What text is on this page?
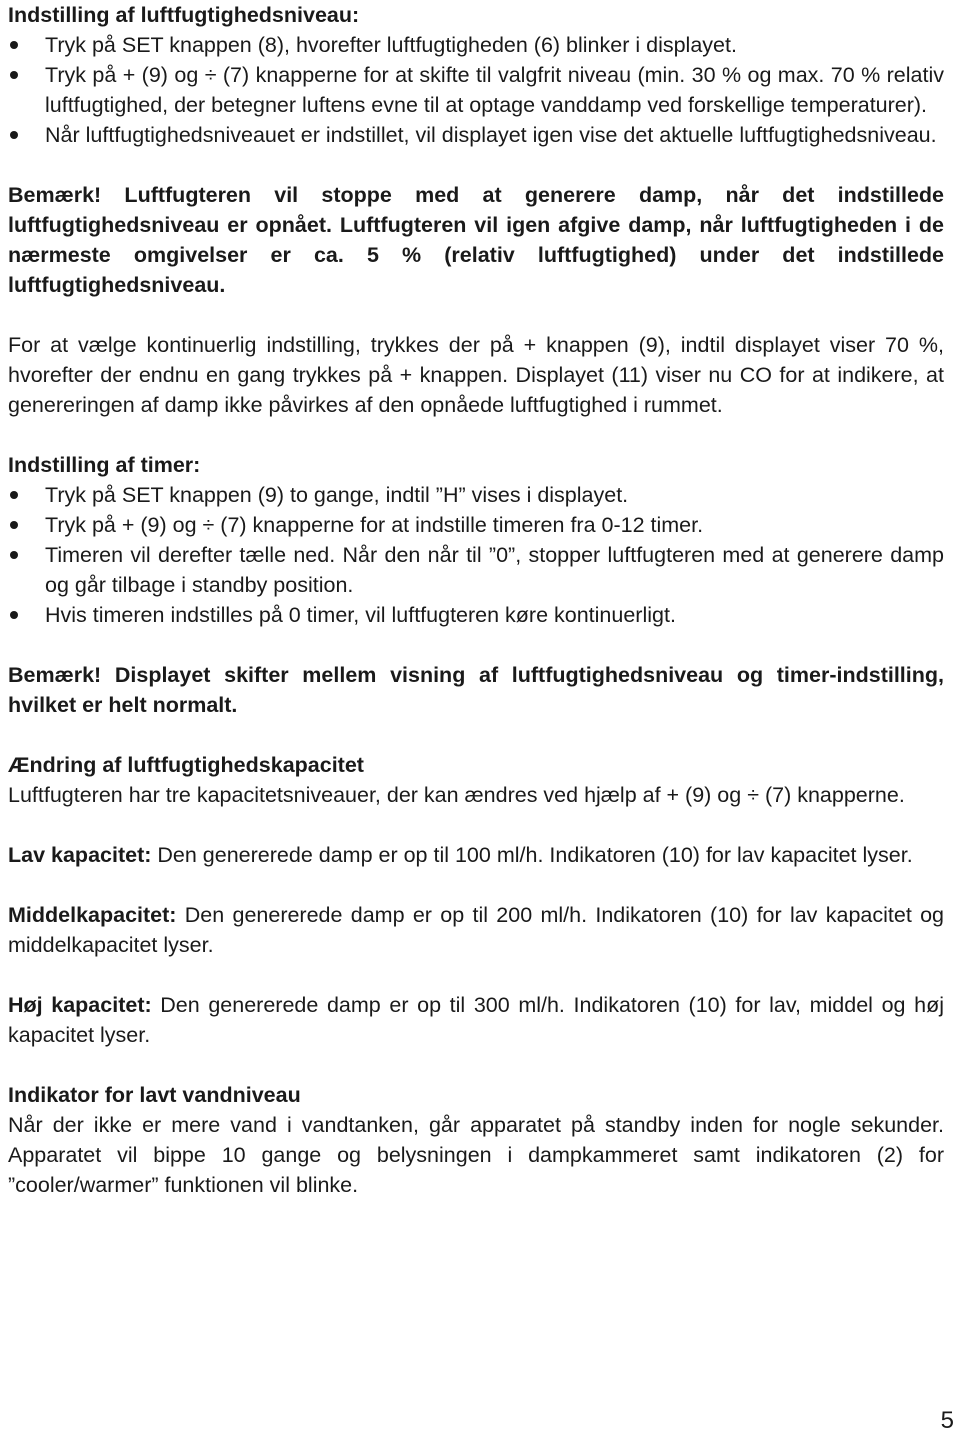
Indstilling af luftfugtighedsniveau:

Tryk på SET knappen (8), hvorefter luftfugtigheden (6) blinker i displayet.
Tryk på + (9) og ÷ (7) knapperne for at skifte til valgfrit niveau (min. 30 % og max. 70 % relativ luftfugtighed, der betegner luftens evne til at optage vanddamp ved forskellige temperaturer).
Når luftfugtighedsniveauet er indstillet, vil displayet igen vise det aktuelle luftfugtighedsniveau.

Bemærk! Luftfugteren vil stoppe med at generere damp, når det indstillede luftfugtighedsniveau er opnået. Luftfugteren vil igen afgive damp, når luftfugtigheden i de nærmeste omgivelser er ca. 5 % (relativ luftfugtighed) under det indstillede luftfugtighedsniveau.

For at vælge kontinuerlig indstilling, trykkes der på + knappen (9), indtil displayet viser 70 %, hvorefter der endnu en gang trykkes på + knappen. Displayet (11) viser nu CO for at indikere, at genereringen af damp ikke påvirkes af den opnåede luftfugtighed i rummet.

Indstilling af timer:

Tryk på SET knappen (9) to gange, indtil ”H” vises i displayet.
Tryk på + (9) og ÷ (7) knapperne for at indstille timeren fra 0-12 timer.
Timeren vil derefter tælle ned. Når den når til ”0”, stopper luftfugteren med at generere damp og går tilbage i standby position.
Hvis timeren indstilles på 0 timer, vil luftfugteren køre kontinuerligt.

Bemærk! Displayet skifter mellem visning af luftfugtighedsniveau og timer-indstilling, hvilket er helt normalt.

Ændring af luftfugtighedskapacitet

Luftfugteren har tre kapacitetsniveauer, der kan ændres ved hjælp af + (9) og ÷ (7) knapperne.

Lav kapacitet: Den genererede damp er op til 100 ml/h. Indikatoren (10) for lav kapacitet lyser.

Middelkapacitet: Den genererede damp er op til 200 ml/h. Indikatoren (10) for lav kapacitet og middelkapacitet lyser.

Høj kapacitet: Den genererede damp er op til 300 ml/h. Indikatoren (10) for lav, middel og høj kapacitet lyser.

Indikator for lavt vandniveau

Når der ikke er mere vand i vandtanken, går apparatet på standby inden for nogle sekunder. Apparatet vil bippe 10 gange og belysningen i dampkammeret samt indikatoren (2) for ”cooler/warmer” funktionen vil blinke.

5
